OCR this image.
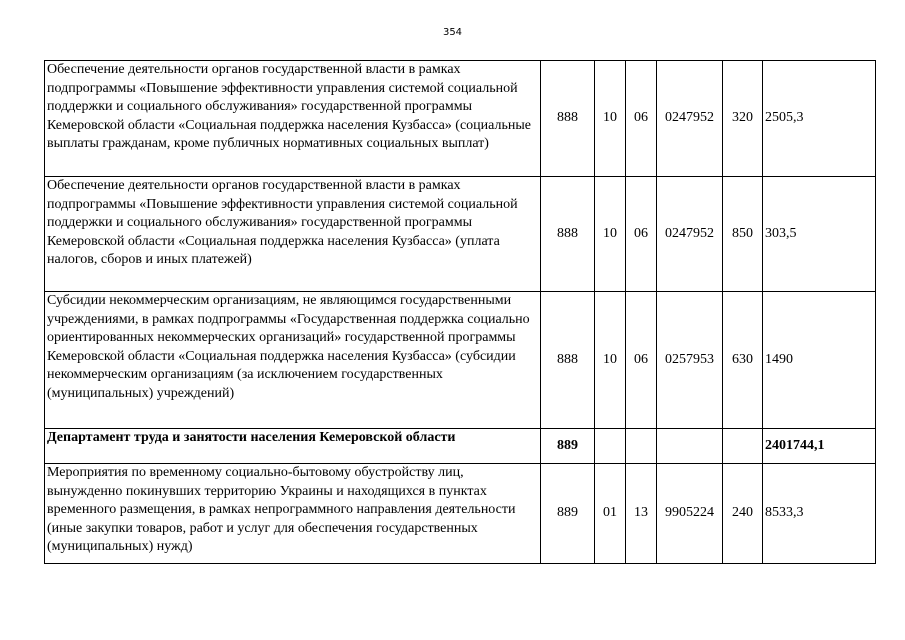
354
Обеспечение деятельности органов государственной власти в рамках подпрограммы «Повышение эффективности управления системой социальной поддержки и социального обслуживания» государственной программы Кемеровской области «Социальная поддержка населения Кузбасса» (социальные выплаты гражданам, кроме публичных нормативных социальных выплат)	888	10	06	0247952	320	2505,3
Обеспечение деятельности органов государственной власти в рамках подпрограммы «Повышение эффективности управления системой социальной поддержки и социального обслуживания» государственной программы Кемеровской области «Социальная поддержка населения Кузбасса» (уплата налогов, сборов и иных платежей)	888	10	06	0247952	850	303,5
Субсидии некоммерческим организациям, не являющимся государственными учреждениями, в рамках подпрограммы «Государственная поддержка социально ориентированных некоммерческих организаций» государственной программы Кемеровской области «Социальная поддержка населения Кузбасса» (субсидии некоммерческим организациям (за исключением государственных (муниципальных) учреждений)	888	10	06	0257953	630	1490
Департамент труда и занятости населения Кемеровской области	889					2401744,1
Мероприятия по временному социально-бытовому обустройству лиц, вынужденно покинувших территорию Украины и находящихся в пунктах временного размещения, в рамках непрограммного направления деятельности (иные закупки товаров, работ и услуг для обеспечения государственных (муниципальных) нужд)	889	01	13	9905224	240	8533,3
